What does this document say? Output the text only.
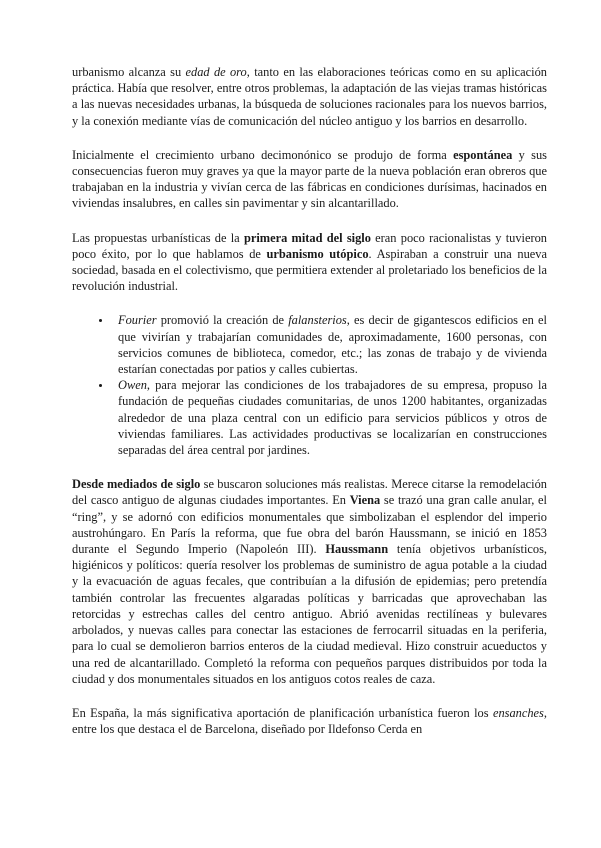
urbanismo alcanza su edad de oro, tanto en las elaboraciones teóricas como en su aplicación práctica. Había que resolver, entre otros problemas, la adaptación de las viejas tramas históricas a las nuevas necesidades urbanas, la búsqueda de soluciones racionales para los nuevos barrios, y la conexión mediante vías de comunicación del núcleo antiguo y los barrios en desarrollo.

Inicialmente el crecimiento urbano decimonónico se produjo de forma espontánea y sus consecuencias fueron muy graves ya que la mayor parte de la nueva población eran obreros que trabajaban en la industria y vivían cerca de las fábricas en condiciones durísimas, hacinados en viviendas insalubres, en calles sin pavimentar y sin alcantarillado.

Las propuestas urbanísticas de la primera mitad del siglo eran poco racionalistas y tuvieron poco éxito, por lo que hablamos de urbanismo utópico. Aspiraban a construir una nueva sociedad, basada en el colectivismo, que permitiera extender al proletariado los beneficios de la revolución industrial.

• Fourier promovió la creación de falansterios, es decir de gigantescos edificios en el que vivirían y trabajarían comunidades de, aproximadamente, 1600 personas, con servicios comunes de biblioteca, comedor, etc.; las zonas de trabajo y de vivienda estarían conectadas por patios y calles cubiertas.
• Owen, para mejorar las condiciones de los trabajadores de su empresa, propuso la fundación de pequeñas ciudades comunitarias, de unos 1200 habitantes, organizadas alrededor de una plaza central con un edificio para servicios públicos y otros de viviendas familiares. Las actividades productivas se localizarían en construcciones separadas del área central por jardines.

Desde mediados de siglo se buscaron soluciones más realistas. Merece citarse la remodelación del casco antiguo de algunas ciudades importantes. En Viena se trazó una gran calle anular, el “ring”, y se adornó con edificios monumentales que simbolizaban el esplendor del imperio austrohúngaro. En París la reforma, que fue obra del barón Haussmann, se inició en 1853 durante el Segundo Imperio (Napoleón III). Haussmann tenía objetivos urbanísticos, higiénicos y políticos: quería resolver los problemas de suministro de agua potable a la ciudad y la evacuación de aguas fecales, que contribuían a la difusión de epidemias; pero pretendía también controlar las frecuentes algaradas políticas y barricadas que aprovechaban las retorcidas y estrechas calles del centro antiguo. Abrió avenidas rectilíneas y bulevares arbolados, y nuevas calles para conectar las estaciones de ferrocarril situadas en la periferia, para lo cual se demolieron barrios enteros de la ciudad medieval. Hizo construir acueductos y una red de alcantarillado. Completó la reforma con pequeños parques distribuidos por toda la ciudad y dos monumentales situados en los antiguos cotos reales de caza.

En España, la más significativa aportación de planificación urbanística fueron los ensanches, entre los que destaca el de Barcelona, diseñado por Ildefonso Cerda en
